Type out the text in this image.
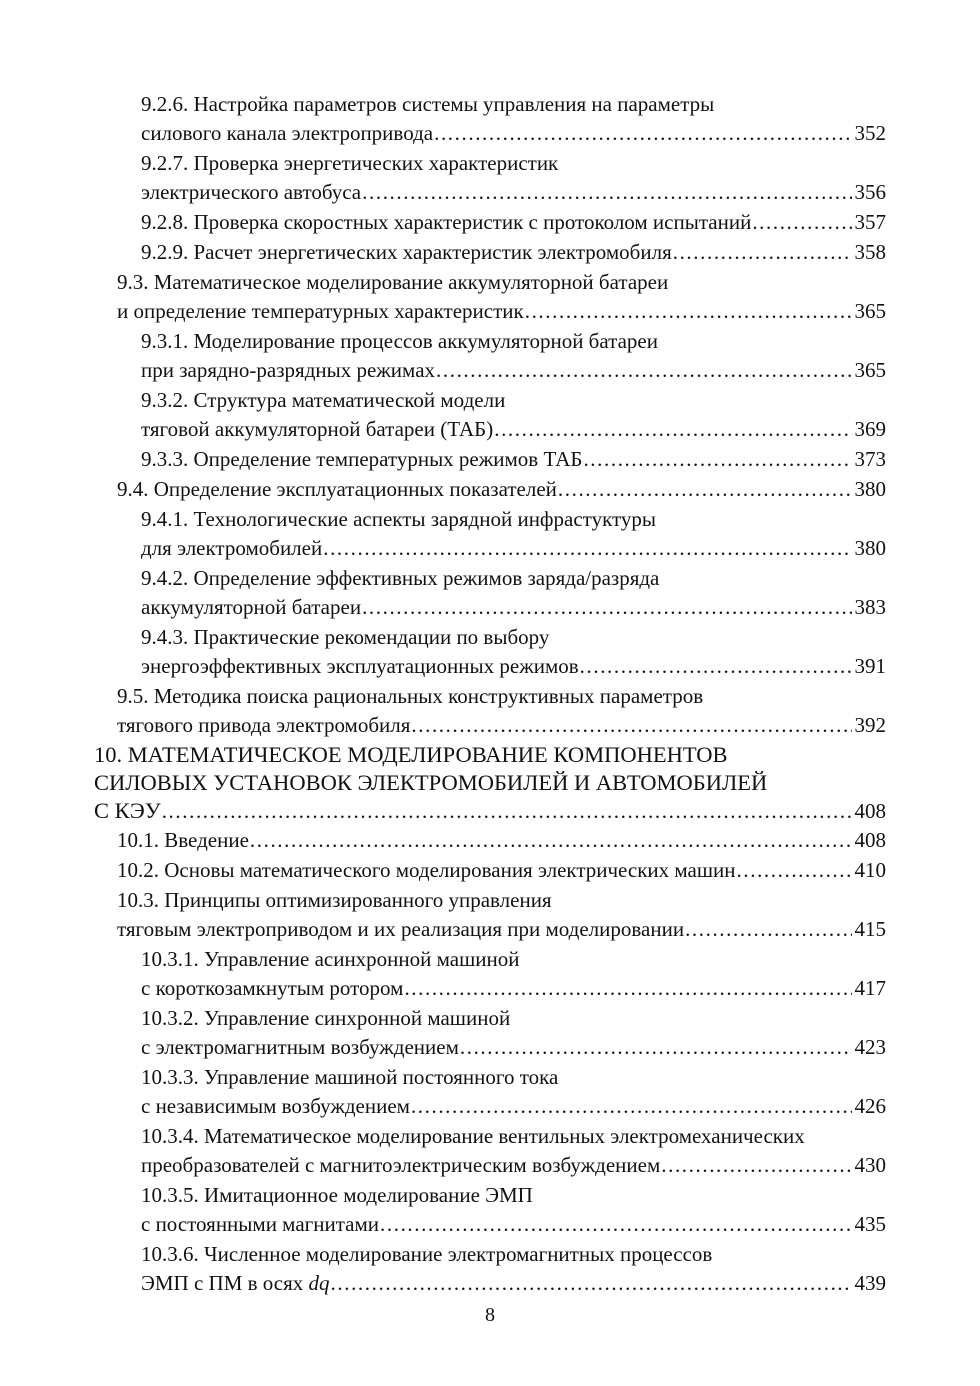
9.2.6. Настройка параметров системы управления на параметры
силового канала электропривода .....	352
9.2.7. Проверка энергетических характеристик
электрического автобуса .....	356
9.2.8. Проверка скоростных характеристик с протоколом испытаний .....	357
9.2.9. Расчет энергетических характеристик электромобиля .....	358
9.3. Математическое моделирование аккумуляторной батареи
и определение температурных характеристик .....	365
9.3.1. Моделирование процессов аккумуляторной батареи
при зарядно-разрядных режимах .....	365
9.3.2. Структура математической модели
тяговой аккумуляторной батареи (ТАБ) .....	369
9.3.3. Определение температурных режимов ТАБ .....	373
9.4. Определение эксплуатационных показателей .....	380
9.4.1. Технологические аспекты зарядной инфрастуктуры
для электромобилей .....	380
9.4.2. Определение эффективных режимов заряда/разряда
аккумуляторной батареи .....	383
9.4.3. Практические рекомендации по выбору
энергоэффективных эксплуатационных режимов .....	391
9.5. Методика поиска рациональных конструктивных параметров
тягового привода электромобиля .....	392
10. МАТЕМАТИЧЕСКОЕ МОДЕЛИРОВАНИЕ КОМПОНЕНТОВ
СИЛОВЫХ УСТАНОВОК ЭЛЕКТРОМОБИЛЕЙ И АВТОМОБИЛЕЙ
С КЭУ .....	408
10.1. Введение .....	408
10.2. Основы математического моделирования электрических машин .....	410
10.3. Принципы оптимизированного управления
тяговым электроприводом и их реализация при моделировании .....	415
10.3.1. Управление асинхронной машиной
с короткозамкнутым ротором .....	417
10.3.2. Управление синхронной машиной
с электромагнитным возбуждением .....	423
10.3.3. Управление машиной постоянного тока
с независимым возбуждением .....	426
10.3.4. Математическое моделирование вентильных электромеханических
преобразователей с магнитоэлектрическим возбуждением .....	430
10.3.5. Имитационное моделирование ЭМП
с постоянными магнитами .....	435
10.3.6. Численное моделирование электромагнитных процессов
ЭМП с ПМ в осях dq .....	439
8
